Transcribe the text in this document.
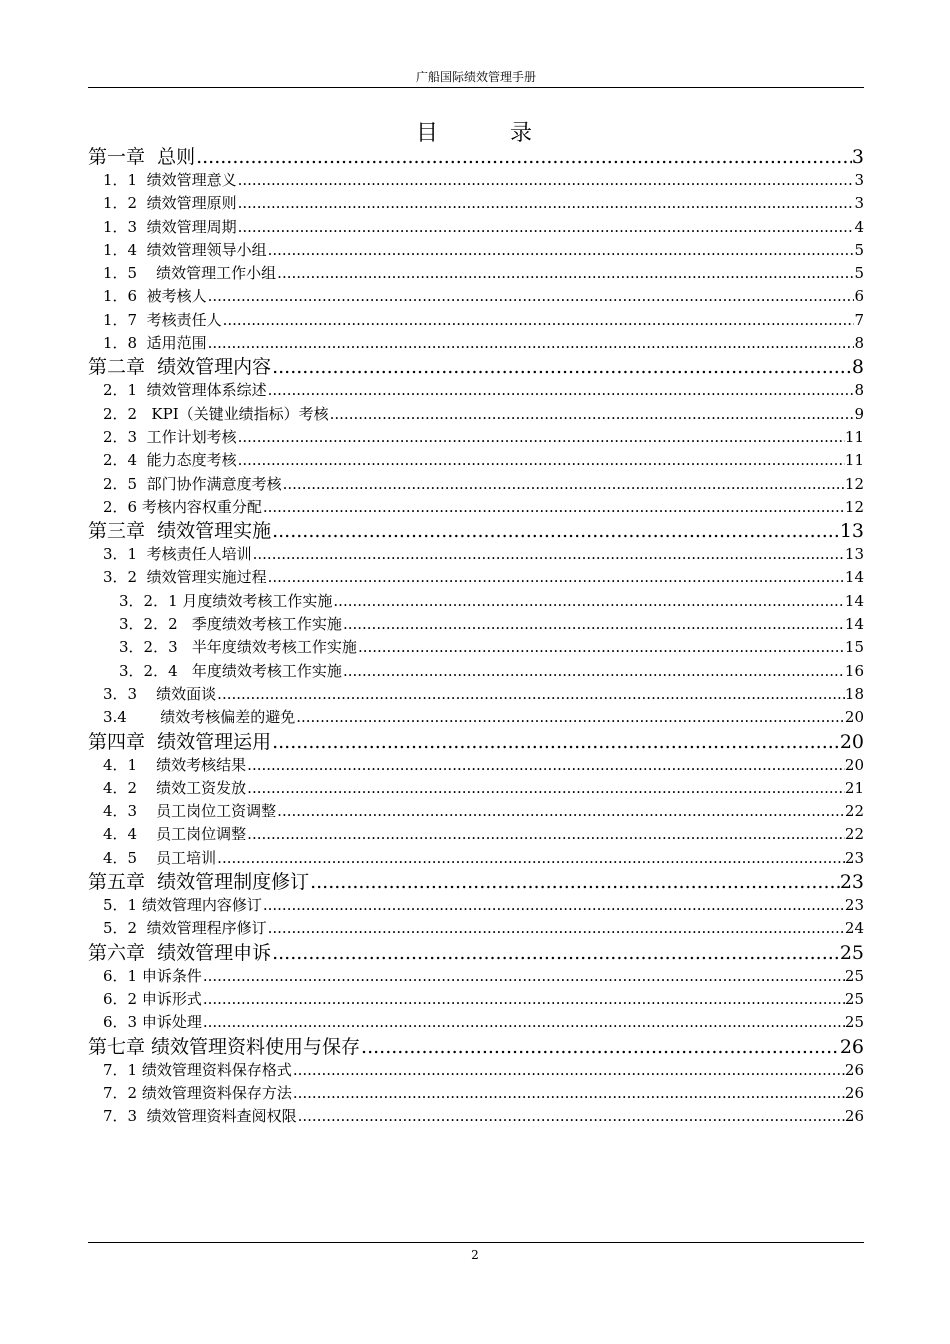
广船国际绩效管理手册
目	录
第一章  总则 .....	3
1．1  绩效管理意义 .....	3
1．2  绩效管理原则 .....	3
1．3  绩效管理周期 .....	4
1．4  绩效管理领导小组 .....	5
1．5    绩效管理工作小组 .....	5
1．6  被考核人 .....	6
1．7  考核责任人 .....	7
1．8  适用范围 .....	8
第二章  绩效管理内容 .....	8
2．1  绩效管理体系综述 .....	8
2．2   KPI（关键业绩指标）考核 .....	9
2．3  工作计划考核 .....	11
2．4  能力态度考核 .....	11
2．5  部门协作满意度考核 .....	12
2．6 考核内容权重分配 .....	12
第三章  绩效管理实施 .....	13
3．1  考核责任人培训 .....	13
3．2  绩效管理实施过程 .....	14
3．2．1 月度绩效考核工作实施 .....	14
3．2．2   季度绩效考核工作实施 .....	14
3．2．3   半年度绩效考核工作实施 .....	15
3．2．4   年度绩效考核工作实施 .....	16
3．3    绩效面谈 .....	18
3.4       绩效考核偏差的避免 .....	20
第四章  绩效管理运用 .....	20
4．1    绩效考核结果 .....	20
4．2    绩效工资发放 .....	21
4．3    员工岗位工资调整 .....	22
4．4    员工岗位调整 .....	22
4．5    员工培训 .....	23
第五章  绩效管理制度修订 .....	23
5．1 绩效管理内容修订 .....	23
5．2  绩效管理程序修订 .....	24
第六章  绩效管理申诉 .....	25
6．1 申诉条件 .....	25
6．2 申诉形式 .....	25
6．3 申诉处理 .....	25
第七章 绩效管理资料使用与保存 .....	26
7．1 绩效管理资料保存格式 .....	26
7．2 绩效管理资料保存方法 .....	26
7．3  绩效管理资料查阅权限 .....	26
2
